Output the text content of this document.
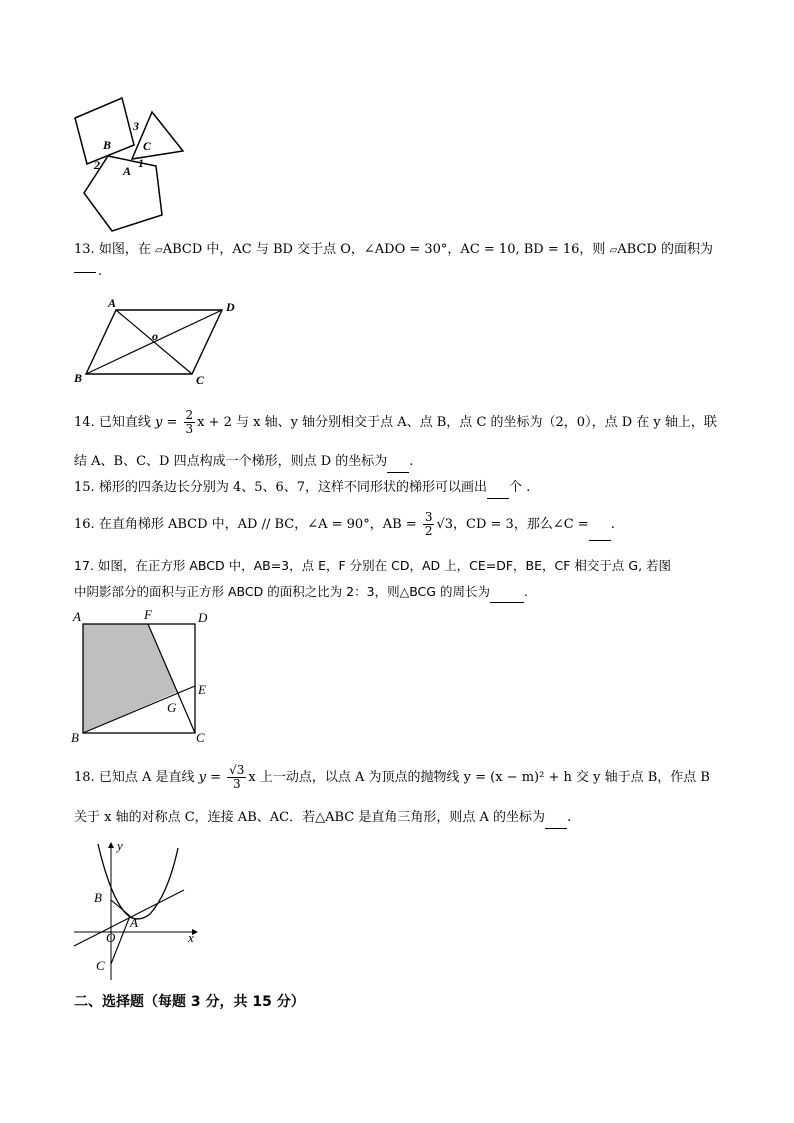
B	C
A
3
2	1
13. 如图，在 ▱ABCD 中，AC 与 BD 交于点 O，∠ADO = 30°，AC = 10, BD = 16，则 ▱ABCD 的面积为
.
A	D
B	C
o
14. 已知直线 $y = \frac{2}{3}$ x + 2 与 x 轴、y 轴分别相交于点 A、点 B，点 C 的坐标为（2，0），点 D 在 y 轴上，联
结 A、B、C、D 四点构成一个梯形，则点 D 的坐标为 .
15. 梯形的四条边长分别为 4、5、6、7，这样不同形状的梯形可以画出 个 .
16. 在直角梯形 ABCD 中，AD // BC，∠A = 90°，AB = $\frac{3}{2} √3$，CD = 3，那么∠C = .
17. 如图，在正方形 ABCD 中，AB=3，点 E，F 分别在 CD，AD 上，CE=DF，BE，CF 相交于点 G, 若图
中阴影部分的面积与正方形 ABCD 的面积之比为 2：3，则△BCG 的周长为	.
A	F	D
E
G
B	C
18. 已知点 A 是直线 $y = \frac{√3}{3}$ x 上一动点，以点 A 为顶点的抛物线 y = (x − m)² + h 交 y 轴于点 B，作点 B
关于 x 轴的对称点 C，连接 AB、AC．若△ABC 是直角三角形，则点 A 的坐标为 .
y
B
A
O	x
C
二、选择题（每题 3 分，共 15 分）
